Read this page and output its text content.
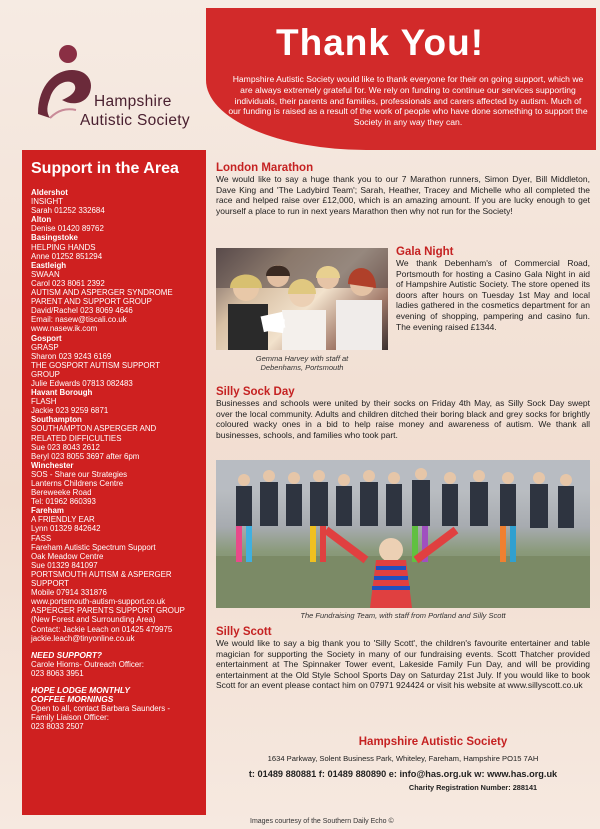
Hampshire
Autistic Society
Thank You!
Hampshire Autistic Society would like to thank everyone for their on going support, which we are always extremely grateful for. We rely on funding to continue our services supporting individuals, their parents and families, professionals and carers affected by autism. Much of our funding is raised as a result of the work of people who have done something to support the Society in any way they can.
Support in the Area
Aldershot
INSIGHT
Sarah 01252 332684
Alton
Denise 01420 89762
Basingstoke
HELPING HANDS
Anne 01252 851294
Eastleigh
SWAAN
Carol 023 8061 2392
AUTISM AND ASPERGER SYNDROME
PARENT AND SUPPORT GROUP
David/Rachel 023 8069 4646
Email: nasew@tiscali.co.uk
www.nasew.ik.com
Gosport
GRASP
Sharon 023 9243 6169
THE GOSPORT AUTISM SUPPORT
GROUP
Julie Edwards 07813 082483
Havant Borough
FLASH
Jackie 023 9259 6871
Southampton
SOUTHAMPTON ASPERGER AND
RELATED DIFFICULTIES
Sue 023 8043 2612
Beryl 023 8055 3697 after 6pm
Winchester
SOS - Share our Strategies
Lanterns Childrens Centre
Bereweeke Road
Tel: 01962 860393
Fareham
A FRIENDLY EAR
Lynn 01329 842642
FASS
Fareham Autistic Spectrum Support
Oak Meadow Centre
Sue 01329 841097
PORTSMOUTH AUTISM & ASPERGER
SUPPORT
Mobile 07914 331876
www.portsmouth-autism-support.co.uk
ASPERGER PARENTS SUPPORT GROUP
(New Forest and Surrounding Area)
Contact: Jackie Leach on 01425 479975
jackie.leach@tinyonline.co.uk
NEED SUPPORT?
Carole Hiorns- Outreach Officer:
023 8063 3951
HOPE LODGE MONTHLY
COFFEE MORNINGS
Open to all, contact Barbara Saunders -
Family Liaison Officer:
023 8033 2507
London Marathon
We would like to say a huge thank you to our 7 Marathon runners, Simon Dyer, Bill Middleton, Dave King and 'The Ladybird Team'; Sarah, Heather, Tracey and Michelle who all completed the race and helped raise over £12,000, which is an amazing amount. If you are lucky enough to get yourself a place to run in next years Marathon then why not run for the Society!
Gemma Harvey with staff at
Debenhams, Portsmouth
Gala Night
We thank Debenham's of Commercial Road, Portsmouth for hosting a Casino Gala Night in aid of Hampshire Autistic Society. The store opened its doors after hours on Tuesday 1st May and local ladies gathered in the cosmetics department for an evening of shopping, pampering and casino fun. The evening raised £1344.
Silly Sock Day
Businesses and schools were united by their socks on Friday 4th May, as Silly Sock Day swept over the local community. Adults and children ditched their boring black and grey socks for brightly coloured wacky ones in a bid to help raise money and awareness of autism. We thank all businesses, schools, and families who took part.
The Fundraising Team, with staff from Portland and Silly Scott
Silly Scott
We would like to say a big thank you to 'Silly Scott', the children's favourite entertainer and table magician for supporting the Society in many of our fundraising events. Scott Thatcher provided entertainment at The Spinnaker Tower event, Lakeside Family Fun Day, and will be providing entertainment at the Old Style School Sports Day on Saturday 21st July. If you would like to book Scott for an event please contact him on 07971 924424 or visit his website at www.sillyscott.co.uk
Hampshire Autistic Society
1634 Parkway, Solent Business Park, Whiteley, Fareham, Hampshire PO15 7AH
t: 01489 880881 f: 01489 880890 e: info@has.org.uk w: www.has.org.uk
Charity Registration Number: 288141
Images courtesy of the Southern Daily Echo ©
